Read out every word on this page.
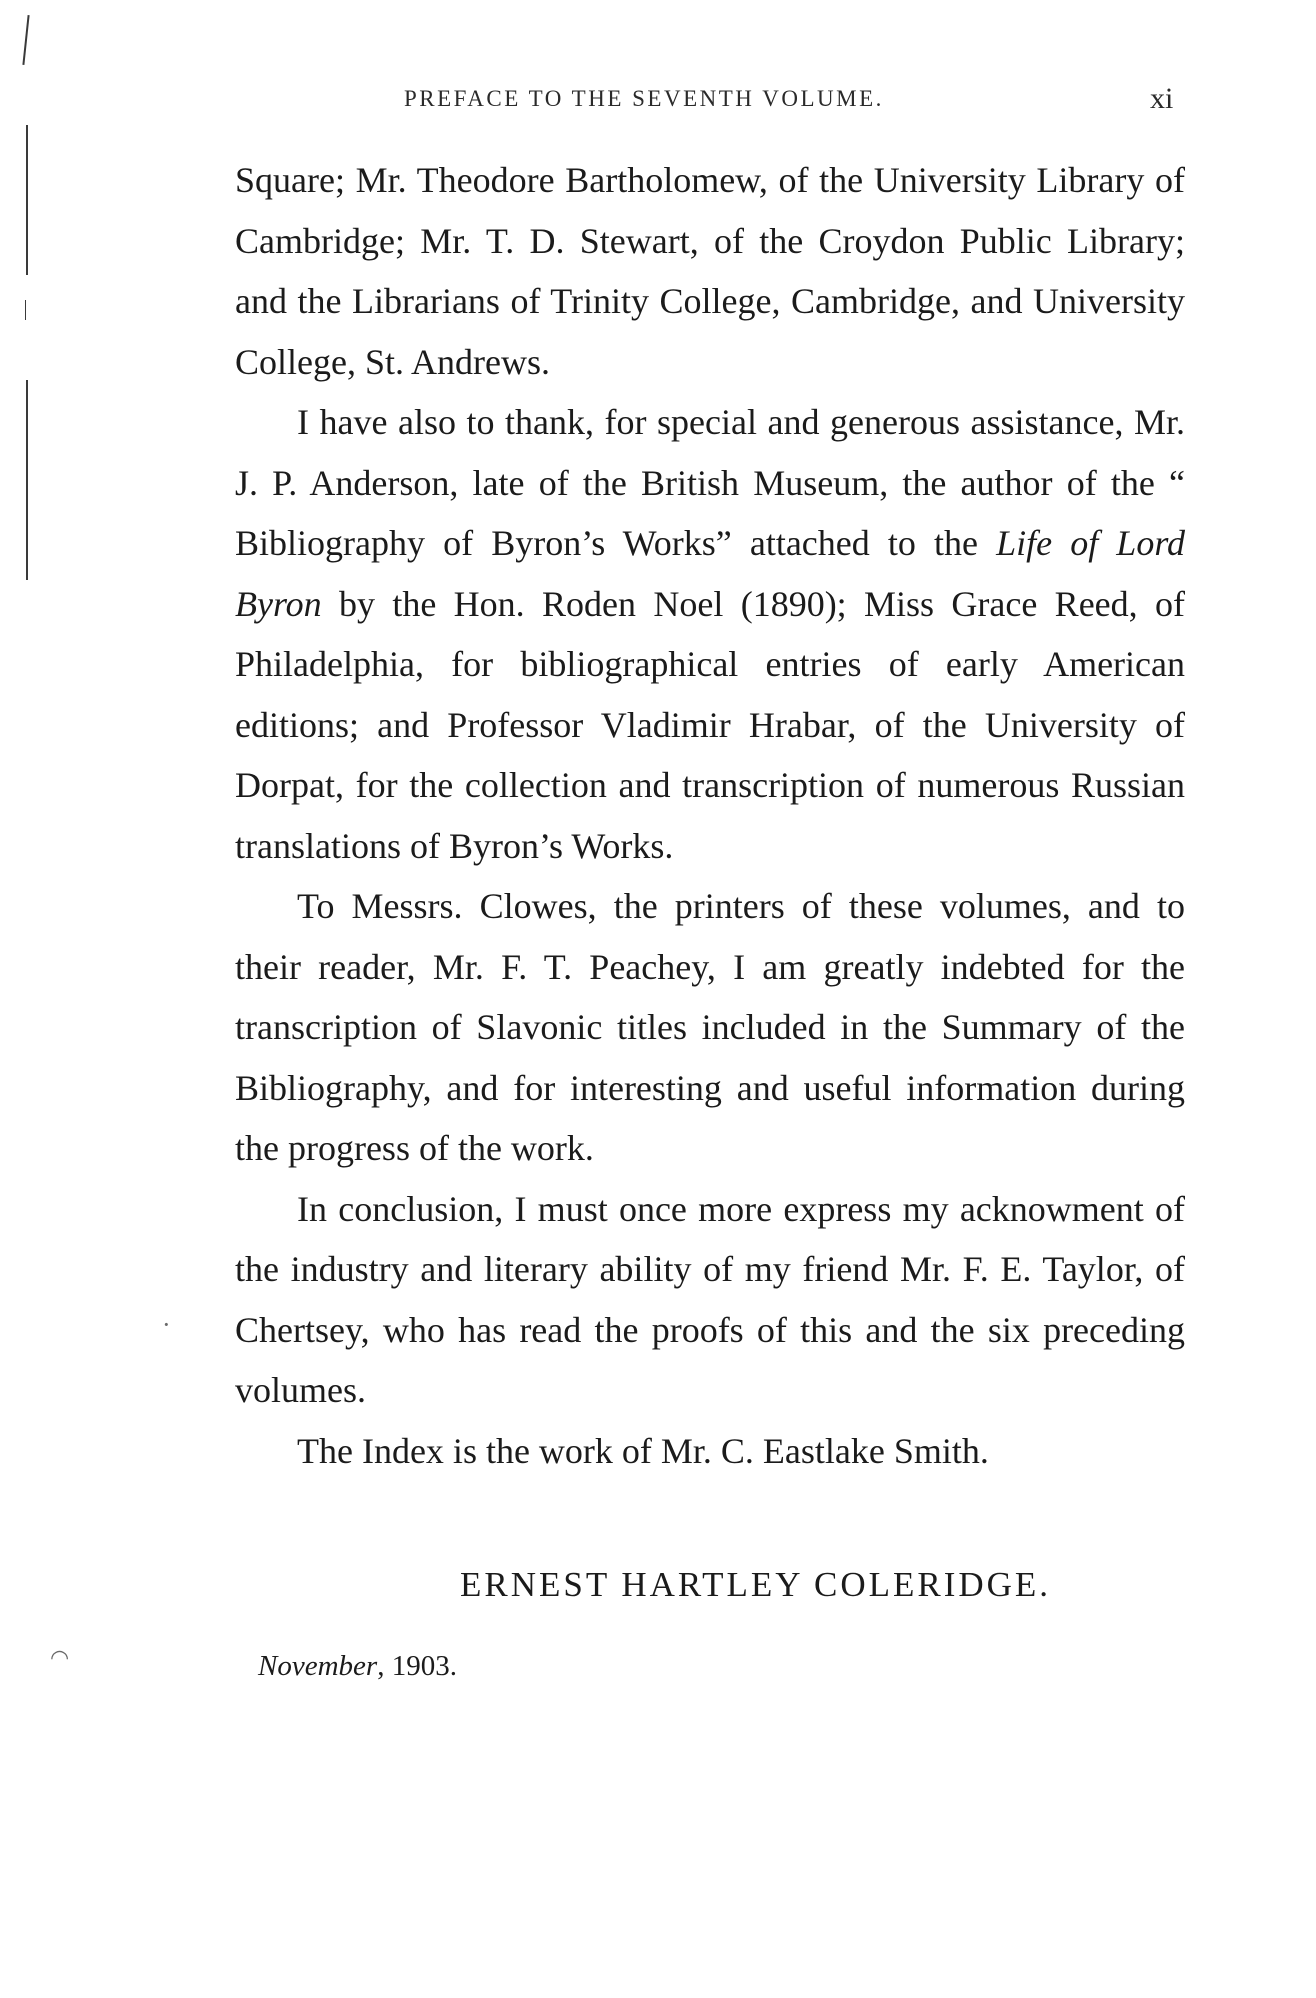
·
◠
PREFACE TO THE SEVENTH VOLUME.	xi

Square; Mr. Theodore Bartholomew, of the University Library of Cambridge; Mr. T. D. Stewart, of the Croydon Public Library; and the Librarians of Trinity College, Cambridge, and University College, St. Andrews.

I have also to thank, for special and generous assistance, Mr. J. P. Anderson, late of the British Museum, the author of the “ Bibliography of Byron’s Works” attached to the Life of Lord Byron by the Hon. Roden Noel (1890); Miss Grace Reed, of Philadelphia, for bibliographical entries of early American editions; and Professor Vladimir Hrabar, of the University of Dorpat, for the collection and transcription of numerous Russian translations of Byron’s Works.

To Messrs. Clowes, the printers of these volumes, and to their reader, Mr. F. T. Peachey, I am greatly indebted for the transcription of Slavonic titles included in the Summary of the Bibliography, and for interesting and useful information during the progress of the work.

In conclusion, I must once more express my acknowment of the industry and literary ability of my friend Mr. F. E. Taylor, of Chertsey, who has read the proofs of this and the six preceding volumes.

The Index is the work of Mr. C. Eastlake Smith.

ERNEST HARTLEY COLERIDGE.
November, 1903.
